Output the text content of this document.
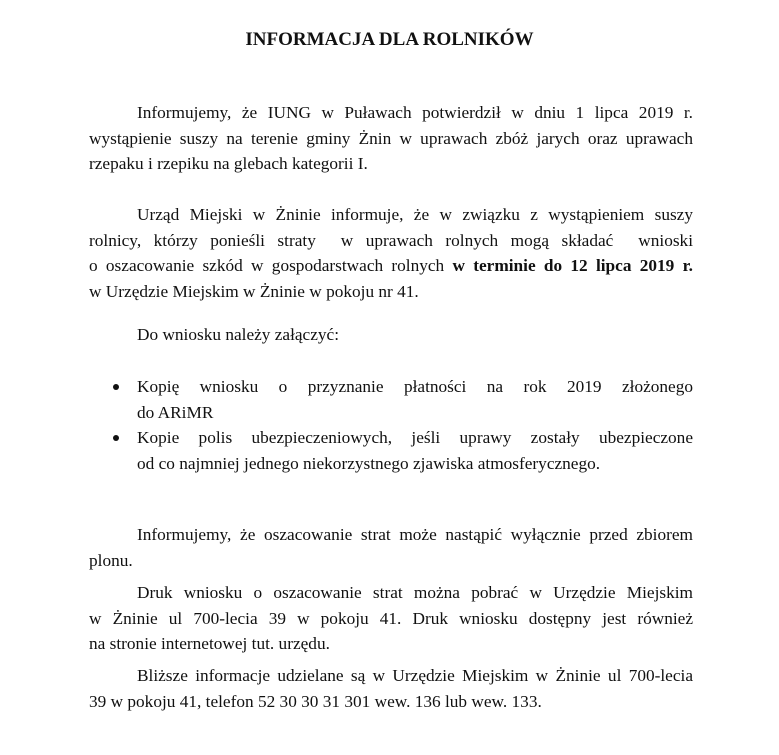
INFORMACJA DLA ROLNIKÓW
Informujemy, że IUNG w Puławach potwierdził w dniu 1 lipca 2019 r.
wystąpienie suszy na terenie gminy Żnin w uprawach zbóż jarych oraz uprawach
rzepaku i rzepiku na glebach kategorii I.
Urząd Miejski w Żninie informuje, że w związku z wystąpieniem suszy
rolnicy, którzy ponieśli straty  w uprawach rolnych mogą składać  wnioski
o oszacowanie szkód w gospodarstwach rolnych w terminie do 12 lipca 2019 r.
w Urzędzie Miejskim w Żninie w pokoju nr 41.
Do wniosku należy załączyć:
Kopię wniosku o przyznanie płatności na rok 2019 złożonego
do ARiMR
Kopie polis ubezpieczeniowych, jeśli uprawy zostały ubezpieczone
od co najmniej jednego niekorzystnego zjawiska atmosferycznego.
Informujemy, że oszacowanie strat może nastąpić wyłącznie przed zbiorem
plonu.
Druk wniosku o oszacowanie strat można pobrać w Urzędzie Miejskim
w Żninie ul 700-lecia 39 w pokoju 41. Druk wniosku dostępny jest również
na stronie internetowej tut. urzędu.
Bliższe informacje udzielane są w Urzędzie Miejskim w Żninie ul 700-lecia
39 w pokoju 41, telefon 52 30 30 31 301 wew. 136 lub wew. 133.
